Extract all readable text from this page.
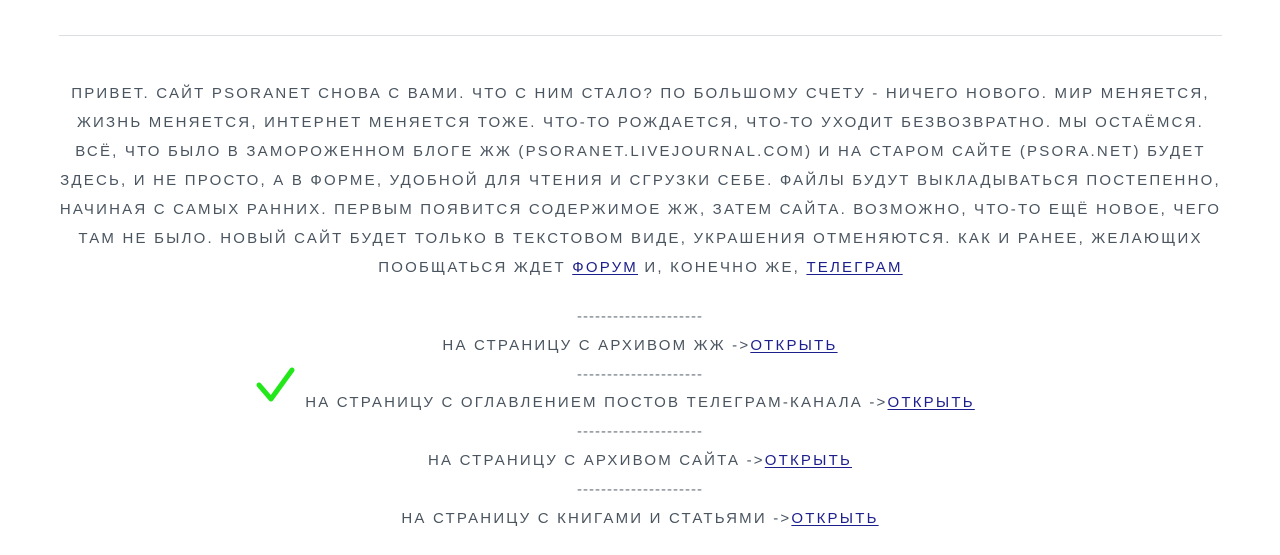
ПРИВЕТ. САЙТ PSORANET СНОВА С ВАМИ. ЧТО С НИМ СТАЛО? ПО БОЛЬШОМУ СЧЕТУ - НИЧЕГО НОВОГО. МИР МЕНЯЕТСЯ, ЖИЗНЬ МЕНЯЕТСЯ, ИНТЕРНЕТ МЕНЯЕТСЯ ТОЖЕ. ЧТО-ТО РОЖДАЕТСЯ, ЧТО-ТО УХОДИТ БЕЗВОЗВРАТНО. МЫ ОСТАЁМСЯ. ВСЁ, ЧТО БЫЛО В ЗАМОРОЖЕННОМ БЛОГЕ ЖЖ (PSORANET.LIVEJOURNAL.COM) И НА СТАРОМ САЙТЕ (PSORA.NET) БУДЕТ ЗДЕСЬ, И НЕ ПРОСТО, А В ФОРМЕ, УДОБНОЙ ДЛЯ ЧТЕНИЯ И СГРУЗКИ СЕБЕ. ФАЙЛЫ БУДУТ ВЫКЛАДЫВАТЬСЯ ПОСТЕПЕННО, НАЧИНАЯ С САМЫХ РАННИХ. ПЕРВЫМ ПОЯВИТСЯ СОДЕРЖИМОЕ ЖЖ, ЗАТЕМ САЙТА. ВОЗМОЖНО, ЧТО-ТО ЕЩЁ НОВОЕ, ЧЕГО ТАМ НЕ БЫЛО. НОВЫЙ САЙТ БУДЕТ ТОЛЬКО В ТЕКСТОВОМ ВИДЕ, УКРАШЕНИЯ ОТМЕНЯЮТСЯ. КАК И РАНЕЕ, ЖЕЛАЮЩИХ ПООБЩАТЬСЯ ЖДЕТ ФОРУМ И, КОНЕЧНО ЖЕ, ТЕЛЕГРАМ

---------------------
НА СТРАНИЦУ С АРХИВОМ ЖЖ ->ОТКРЫТЬ
---------------------
НА СТРАНИЦУ С ОГЛАВЛЕНИЕМ ПОСТОВ ТЕЛЕГРАМ-КАНАЛА ->ОТКРЫТЬ
---------------------
НА СТРАНИЦУ С АРХИВОМ САЙТА ->ОТКРЫТЬ
---------------------
НА СТРАНИЦУ С КНИГАМИ И СТАТЬЯМИ ->ОТКРЫТЬ
